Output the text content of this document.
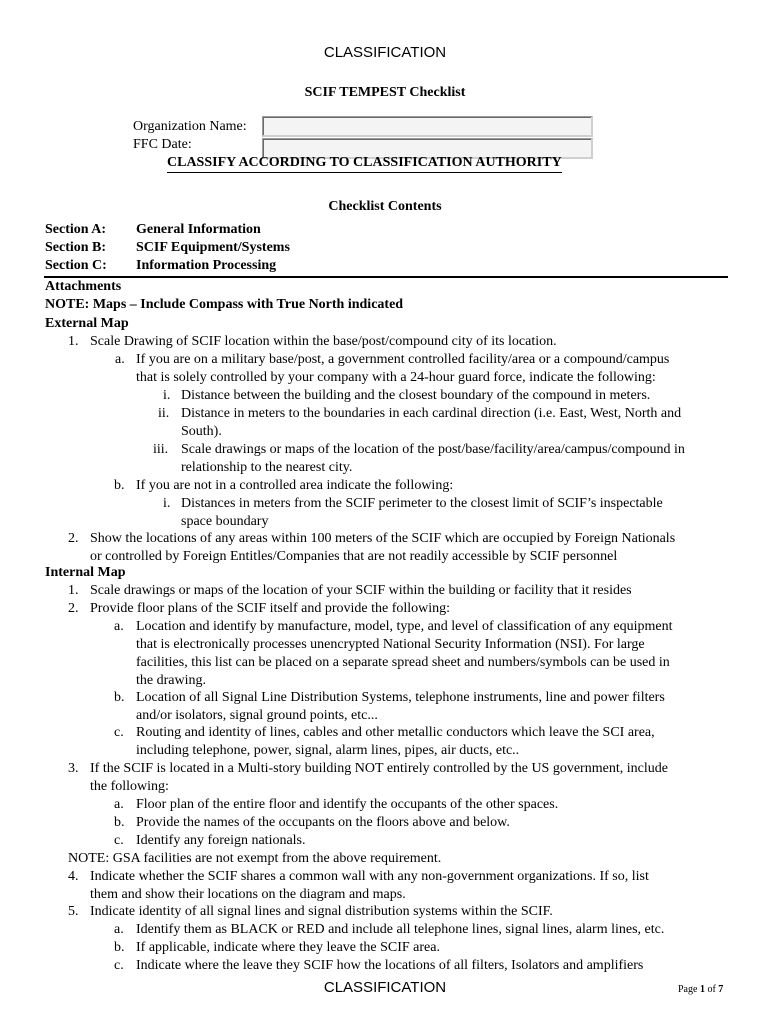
CLASSIFICATION
SCIF TEMPEST Checklist
Organization Name:
FFC Date:
CLASSIFY ACCORDING TO CLASSIFICATION AUTHORITY
Checklist Contents
Section A: General Information
Section B: SCIF Equipment/Systems
Section C: Information Processing
Attachments
NOTE: Maps – Include Compass with True North indicated
External Map
Internal Map
1. Scale Drawing of SCIF location within the base/post/compound city of its location.
a. If you are on a military base/post, a government controlled facility/area or a compound/campus
that is solely controlled by your company with a 24-hour guard force, indicate the following:
i. Distance between the building and the closest boundary of the compound in meters.
ii. Distance in meters to the boundaries in each cardinal direction (i.e. East, West, North and
South).
iii. Scale drawings or maps of the location of the post/base/facility/area/campus/compound in
relationship to the nearest city.
b. If you are not in a controlled area indicate the following:
i. Distances in meters from the SCIF perimeter to the closest limit of SCIF’s inspectable
space boundary
2. Show the locations of any areas within 100 meters of the SCIF which are occupied by Foreign Nationals
or controlled by Foreign Entitles/Companies that are not readily accessible by SCIF personnel
1. Scale drawings or maps of the location of your SCIF within the building or facility that it resides
2. Provide floor plans of the SCIF itself and provide the following:
a. Location and identify by manufacture, model, type, and level of classification of any equipment
that is electronically processes unencrypted National Security Information (NSI). For large
facilities, this list can be placed on a separate spread sheet and numbers/symbols can be used in
the drawing.
b. Location of all Signal Line Distribution Systems, telephone instruments, line and power filters
and/or isolators, signal ground points, etc...
c. Routing and identity of lines, cables and other metallic conductors which leave the SCI area,
including telephone, power, signal, alarm lines, pipes, air ducts, etc..
3. If the SCIF is located in a Multi-story building NOT entirely controlled by the US government, include
the following:
a. Floor plan of the entire floor and identify the occupants of the other spaces.
b. Provide the names of the occupants on the floors above and below.
c. Identify any foreign nationals.
NOTE: GSA facilities are not exempt from the above requirement.
4. Indicate whether the SCIF shares a common wall with any non-government organizations. If so, list
them and show their locations on the diagram and maps.
5. Indicate identity of all signal lines and signal distribution systems within the SCIF.
a. Identify them as BLACK or RED and include all telephone lines, signal lines, alarm lines, etc.
b. If applicable, indicate where they leave the SCIF area.
c. Indicate where the leave they SCIF how the locations of all filters, Isolators and amplifiers
CLASSIFICATION	Page 1 of 7
